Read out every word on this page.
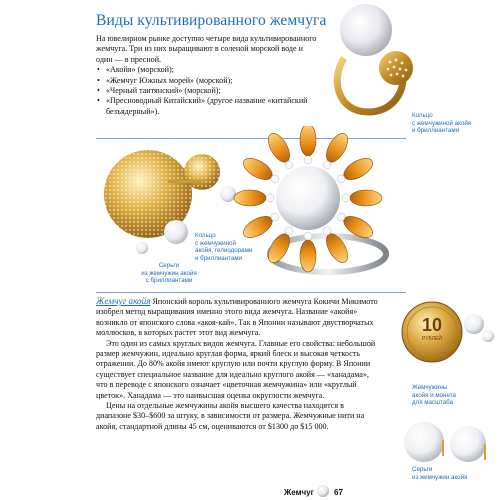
Виды культивированного жемчуга

На ювелирном рынке доступно четыре вида культивированного жемчуга. Три из них выращивают в соленой морской воде и один — в пресной.

• «Акойя» (морской);
• «Жемчуг Южных морей» (морской);
• «Черный таитянский» (морской);
• «Пресноводный Китайский» (другое название «китайский безъядерный»).	Кольцо
с жемчужиной акойя
и бриллиантами
Серьги
из жемчужин акойя
с бриллиантами
Кольцо
с жемчужиной
акойя, гелиодорами
и бриллиантами

Жемчуг акойя Японский король культивированного жемчуга Кокичи Микимото изобрел метод выращивания именно этого вида жемчуга. Название «акойя» возникло от японского слова «акоя-кай». Так в Японии называют двустворчатых моллюсков, в которых растет этот вид жемчуга.

Это один из самых круглых видов жемчуга. Главные его свойства: небольшой размер жемчужин, идеально круглая форма, яркий блеск и высокая четкость отражении. До 80% акойя имеют круглую или почти круглую форму. В Японии существует специальное название для идеально круглого акойя — «ханадама», что в переводе с японского означает «цветочная жемчужина» или «круглый цветок». Ханадама — это наивысшая оценка округлости жемчуга.

Цены на отдельные жемчужины акойя высшего качества находятся в диапазоне $30–$600 за штуку, в зависимости от размера. Жемчужные нити на акойя, стандартной длины 45 см, оцениваются от $1300 до $15 000.

10
РУБЛЕЙ
Жемчужины
акойя и монета
для масштаба
Серьги
из жемчужин акойя
Жемчуг	67
